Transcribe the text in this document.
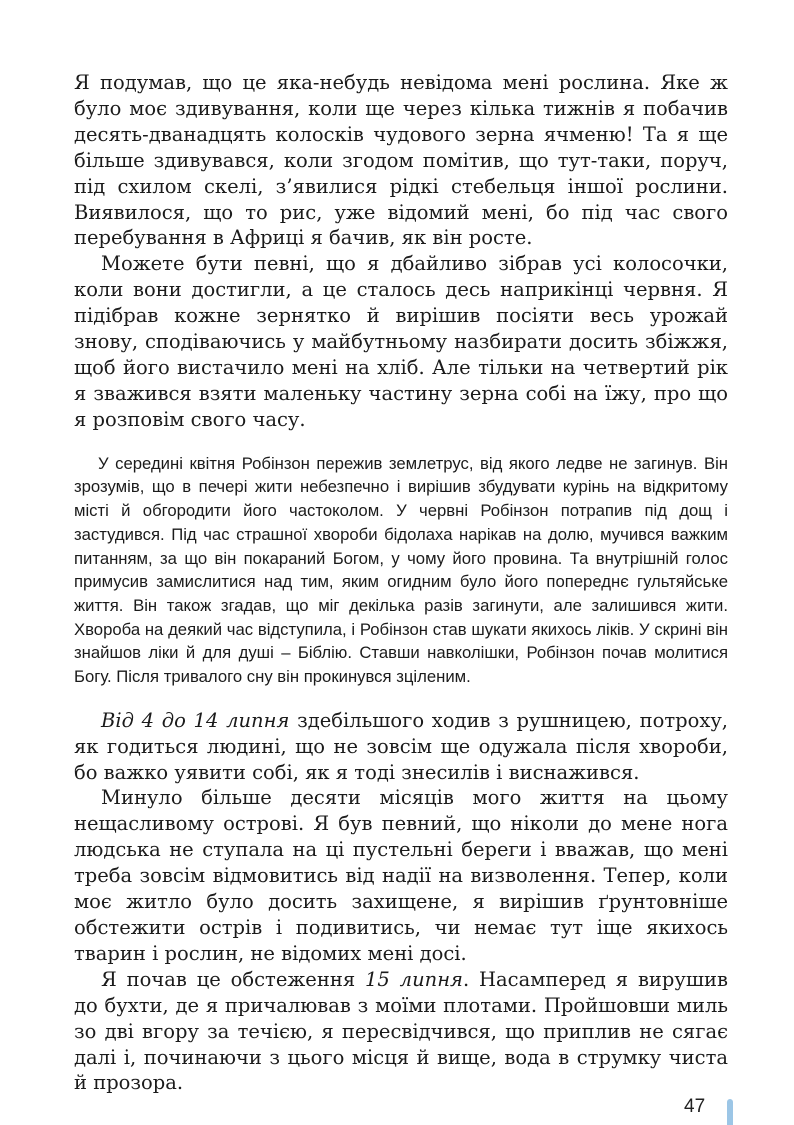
Я подумав, що це яка-небудь невідома мені рослина. Яке ж було моє здивування, коли ще через кілька тижнів я побачив десять-дванадцять колосків чудового зерна ячменю! Та я ще більше здивувався, коли згодом помітив, що тут-таки, поруч, під схилом скелі, з’явилися рідкі стебельця іншої рослини. Виявилося, що то рис, уже відомий мені, бо під час свого перебування в Африці я бачив, як він росте.

Можете бути певні, що я дбайливо зібрав усі колосочки, коли вони достигли, а це сталось десь наприкінці червня. Я підібрав кожне зернятко й вирішив посіяти весь урожай знову, сподіваючись у майбутньому назбирати досить збіжжя, щоб його вистачило мені на хліб. Але тільки на четвертий рік я зважився взяти маленьку частину зерна собі на їжу, про що я розповім свого часу.

У середині квітня Робінзон пережив землетрус, від якого ледве не загинув. Він зрозумів, що в печері жити небезпечно і вирішив збудувати курінь на відкритому місті й обгородити його частоколом. У червні Робінзон потрапив під дощ і застудився. Під час страшної хвороби бідолаха нарікав на долю, мучився важким питанням, за що він покараний Богом, у чому його провина. Та внутрішній голос примусив замислитися над тим, яким огидним було його попереднє гультяйське життя. Він також згадав, що міг декілька разів загинути, але залишився жити. Хвороба на деякий час відступила, і Робінзон став шукати якихось ліків. У скрині він знайшов ліки й для душі – Біблію. Ставши навколішки, Робінзон почав молитися Богу. Після тривалого сну він прокинувся зціленим.

Від 4 до 14 липня здебільшого ходив з рушницею, потроху, як годиться людині, що не зовсім ще одужала після хвороби, бо важко уявити собі, як я тоді знесилів і виснажився.

Минуло більше десяти місяців мого життя на цьому нещасливому острові. Я був певний, що ніколи до мене нога людська не ступала на ці пустельні береги і вважав, що мені треба зовсім відмовитись від надії на визволення. Тепер, коли моє житло було досить захищене, я вирішив ґрунтовніше обстежити острів і подивитись, чи немає тут іще якихось тварин і рослин, не відомих мені досі.

Я почав це обстеження 15 липня. Насамперед я вирушив до бухти, де я причалював з моїми плотами. Пройшовши миль зо дві вгору за течією, я пересвідчився, що приплив не сягає далі і, починаючи з цього місця й вище, вода в струмку чиста й прозора.

47
